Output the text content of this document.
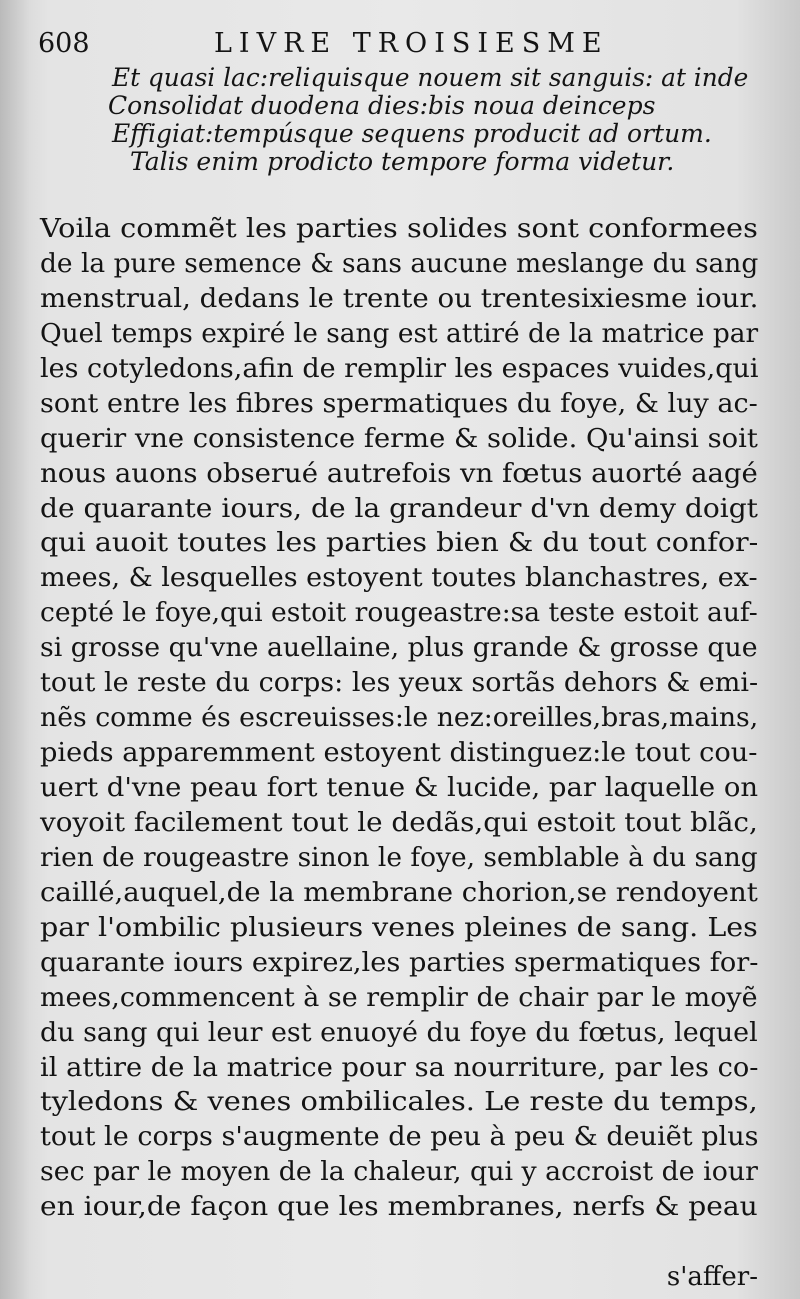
608	LIVRE TROISIESME
Et quasi lac:reliquisque nouem sit sanguis: at inde
Consolidat duodena dies:bis noua deinceps
Effigiat:tempúsque sequens producit ad ortum.
Talis enim prodicto tempore forma videtur.
Voila commẽt les parties solides sont conformees
de la pure semence & sans aucune meslange du sang
menstrual, dedans le trente ou trentesixiesme iour.
Quel temps expiré le sang est attiré de la matrice par
les cotyledons,afin de remplir les espaces vuides,qui
sont entre les fibres spermatiques du foye, & luy ac-
querir vne consistence ferme & solide. Qu'ainsi soit
nous auons obserué autrefois vn fœtus auorté aagé
de quarante iours, de la grandeur d'vn demy doigt
qui auoit toutes les parties bien & du tout confor-
mees, & lesquelles estoyent toutes blanchastres, ex-
cepté le foye,qui estoit rougeastre:sa teste estoit auf-
si grosse qu'vne auellaine, plus grande & grosse que
tout le reste du corps: les yeux sortãs dehors & emi-
nẽs comme és escreuisses:le nez:oreilles,bras,mains,
pieds apparemment estoyent distinguez:le tout cou-
uert d'vne peau fort tenue & lucide, par laquelle on
voyoit facilement tout le dedãs,qui estoit tout blãc,
rien de rougeastre sinon le foye, semblable à du sang
caillé,auquel,de la membrane chorion,se rendoyent
par l'ombilic plusieurs venes pleines de sang. Les
quarante iours expirez,les parties spermatiques for-
mees,commencent à se remplir de chair par le moyẽ
du sang qui leur est enuoyé du foye du fœtus, lequel
il attire de la matrice pour sa nourriture, par les co-
tyledons & venes ombilicales. Le reste du temps,
tout le corps s'augmente de peu à peu & deuiẽt plus
sec par le moyen de la chaleur, qui y accroist de iour
en iour,de façon que les membranes, nerfs & peau
s'affer-
